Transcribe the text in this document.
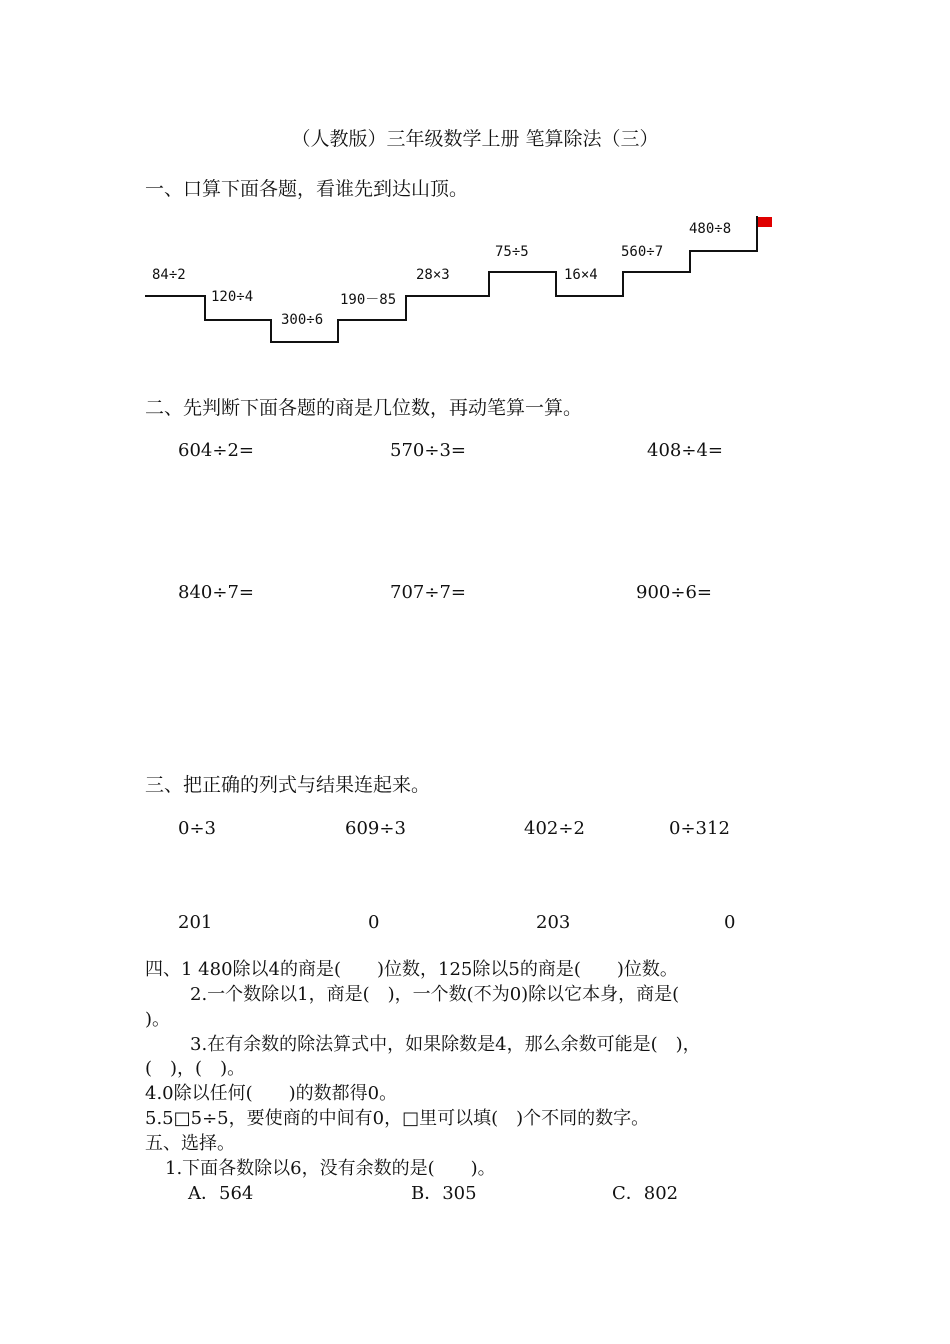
（人教版）三年级数学上册 笔算除法（三）
一、口算下面各题，看谁先到达山顶。
84÷2
120÷4
300÷6
190－85
28×3
75÷5
16×4
560÷7
480÷8
二、先判断下面各题的商是几位数，再动笔算一算。
604÷2=	570÷3=	408÷4=
840÷7=	707÷7=	900÷6=
三、把正确的列式与结果连起来。
0÷3	609÷3	402÷2	0÷312
201	0	203	0
四、1 480除以4的商是(　　)位数，125除以5的商是(　　)位数。
2.一个数除以1，商是(　)，一个数(不为0)除以它本身，商是(
)。
3.在有余数的除法算式中，如果除数是4，那么余数可能是(　)，
(　)，(　)。
4.0除以任何(　　)的数都得0。
5.5□5÷5，要使商的中间有0，□里可以填(　)个不同的数字。
五、选择。
1.下面各数除以6，没有余数的是(　　)。
A．564	B．305	C．802
